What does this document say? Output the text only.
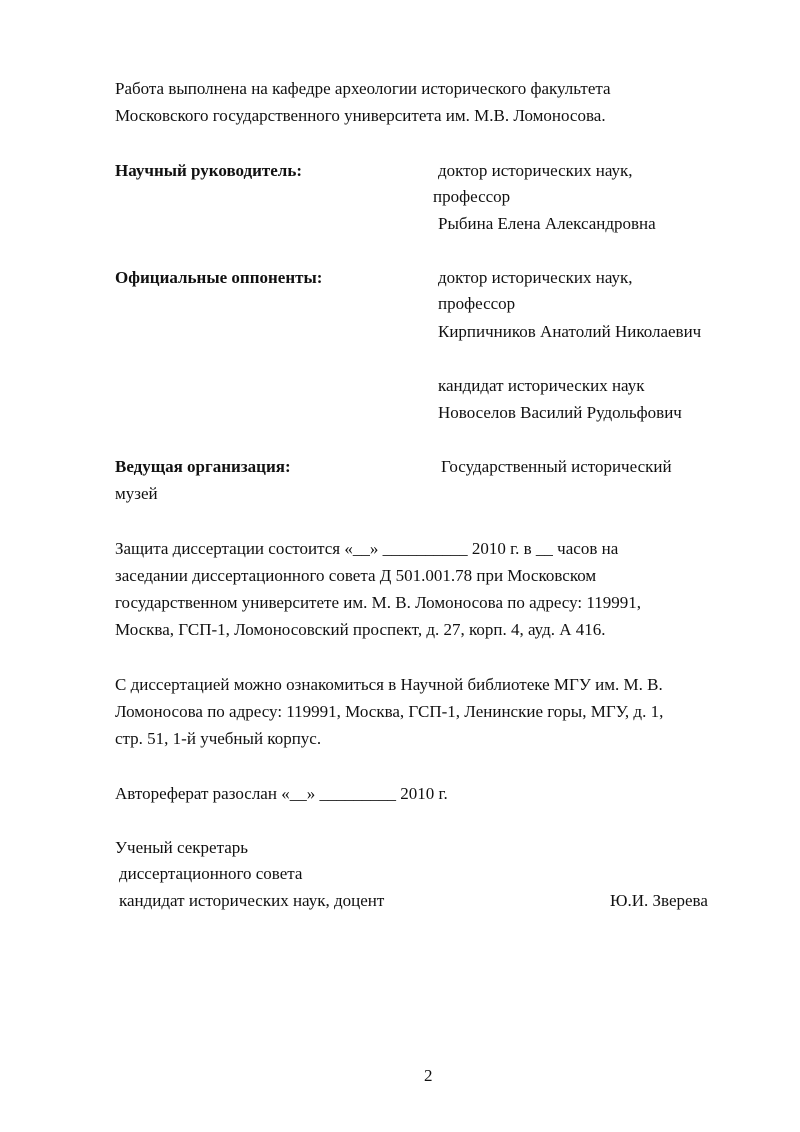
Работа выполнена на кафедре археологии исторического факультета
Московского государственного университета им. М.В. Ломоносова.
Научный руководитель:	доктор исторических наук,
профессор
Рыбина Елена Александровна
Официальные оппоненты:	доктор исторических наук,
профессор
Кирпичников Анатолий Николаевич
кандидат исторических наук
Новоселов Василий Рудольфович
Ведущая организация:	Государственный исторический
музей
Защита диссертации состоится «__» __________ 2010 г. в __ часов на
заседании диссертационного совета Д 501.001.78 при Московском
государственном университете им. М. В. Ломоносова по адресу: 119991,
Москва, ГСП-1, Ломоносовский проспект, д. 27, корп. 4, ауд. А 416.
С диссертацией можно ознакомиться в Научной библиотеке МГУ им. М. В.
Ломоносова по адресу: 119991, Москва, ГСП-1, Ленинские горы, МГУ, д. 1,
стр. 51, 1-й учебный корпус.
Автореферат разослан «__» _________ 2010 г.
Ученый секретарь
диссертационного совета
кандидат исторических наук, доцент	Ю.И. Зверева
2
